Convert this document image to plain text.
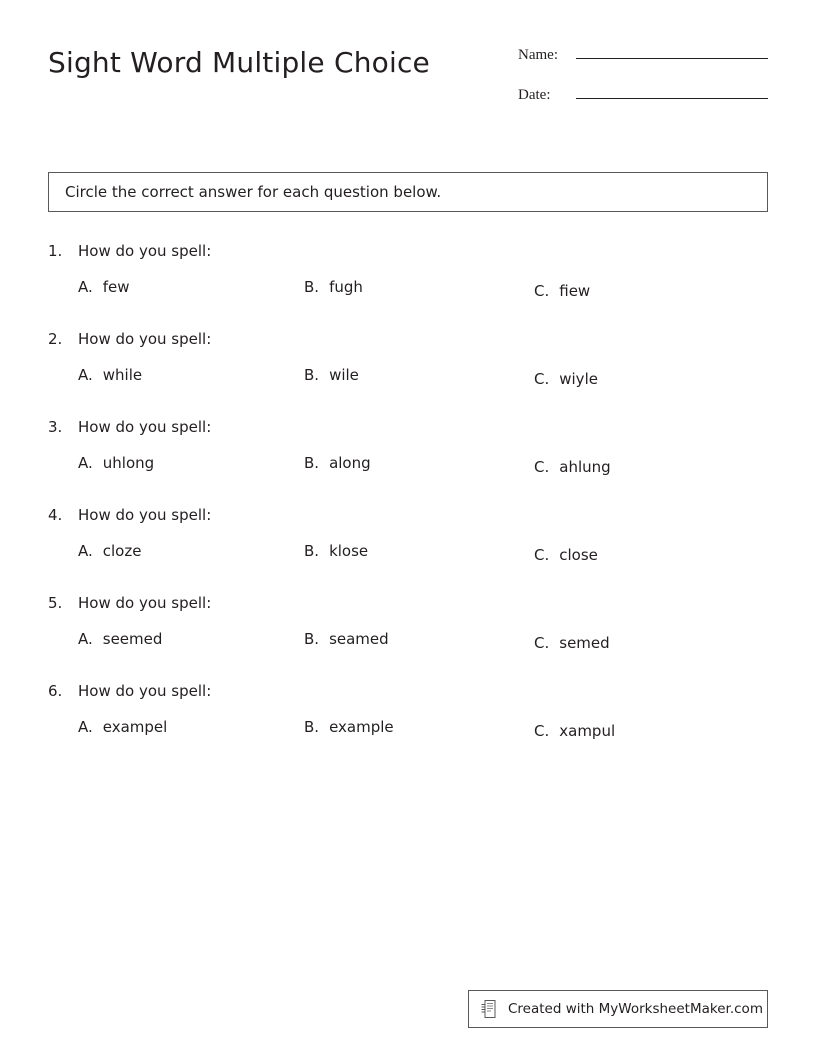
Sight Word Multiple Choice	Name:
Date:
Circle the correct answer for each question below.
1.	How do you spell:
A. few	B. fugh	C. fiew
2.	How do you spell:
A. while	B. wile	C. wiyle
3.	How do you spell:
A. uhlong	B. along	C. ahlung
4.	How do you spell:
A. cloze	B. klose	C. close
5.	How do you spell:
A. seemed	B. seamed	C. semed
6.	How do you spell:
A. exampel	B. example	C. xampul
Created with MyWorksheetMaker.com
